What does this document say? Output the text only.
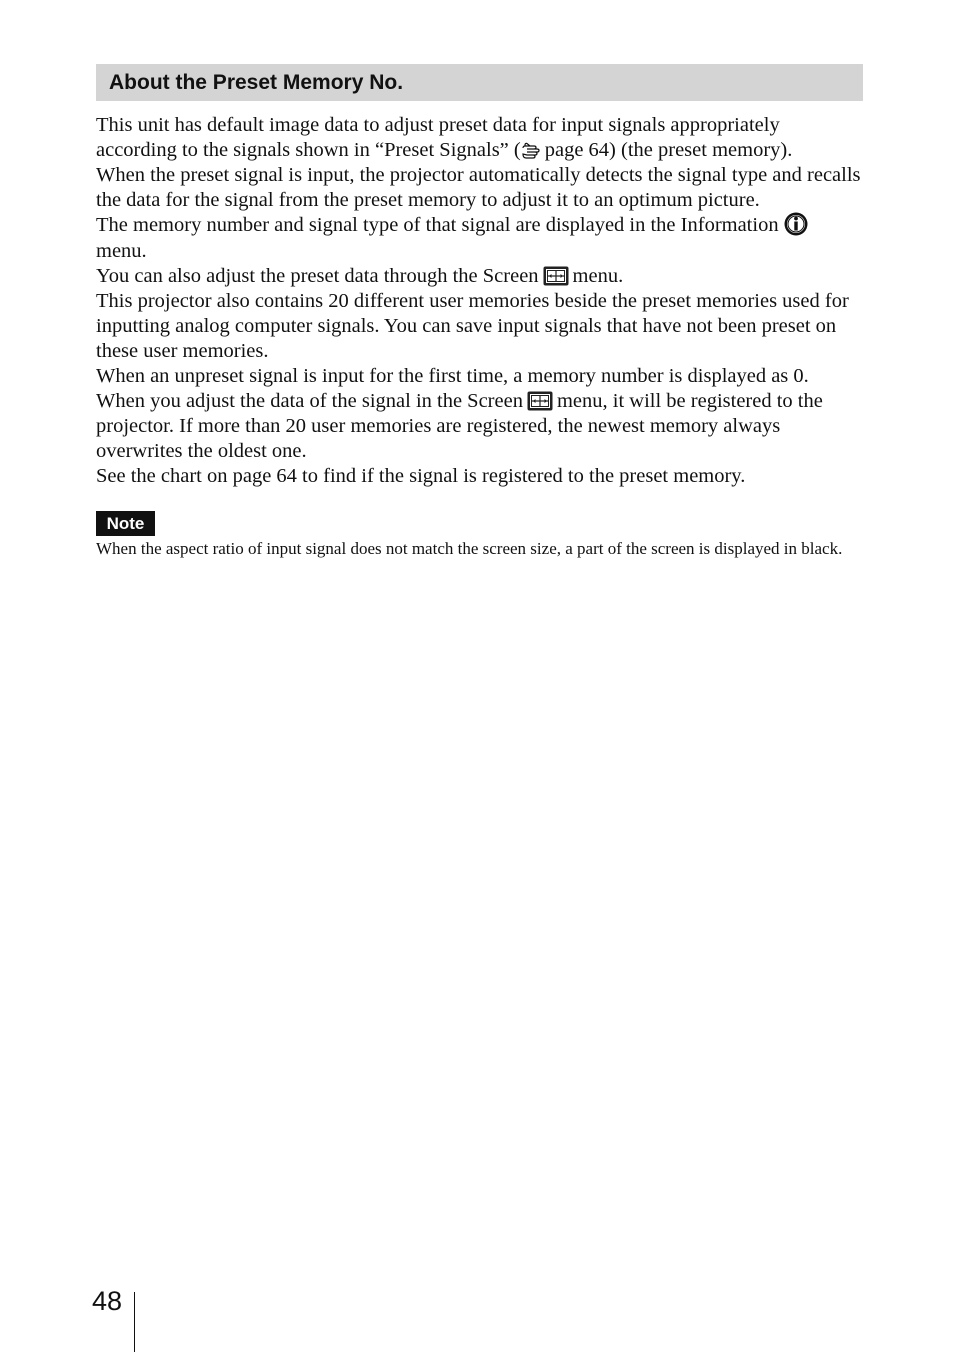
About the Preset Memory No.

This unit has default image data to adjust preset data for input signals appropriately according to the signals shown in “Preset Signals” ( page 64) (the preset memory).

When the preset signal is input, the projector automatically detects the signal type and recalls the data for the signal from the preset memory to adjust it to an optimum picture.

The memory number and signal type of that signal are displayed in the Information
menu.

You can also adjust the preset data through the Screen menu.

This projector also contains 20 different user memories beside the preset memories used for inputting analog computer signals. You can save input signals that have not been preset on these user memories.

When an unpreset signal is input for the first time, a memory number is displayed as 0.

When you adjust the data of the signal in the Screen menu, it will be registered to the projector. If more than 20 user memories are registered, the newest memory always overwrites the oldest one.

See the chart on page 64 to find if the signal is registered to the preset memory.

Note
When the aspect ratio of input signal does not match the screen size, a part of the screen is displayed in black.
48
